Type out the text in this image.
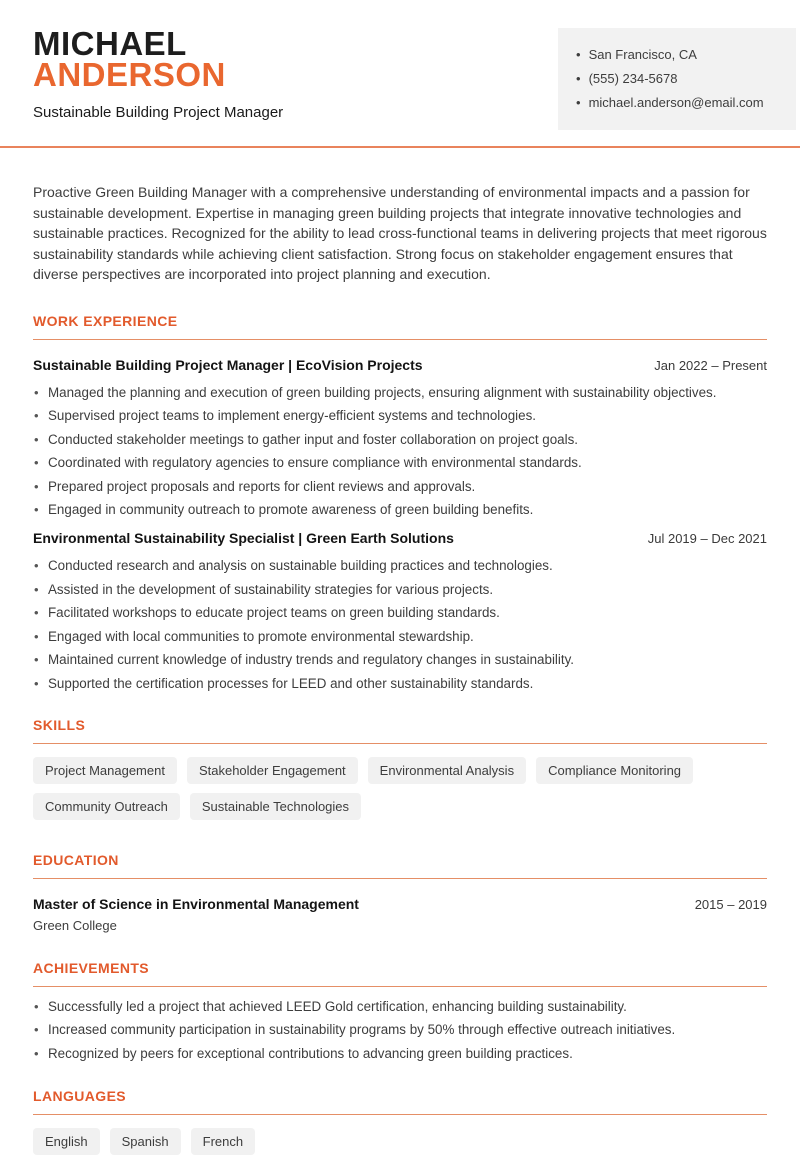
MICHAEL
ANDERSON
Sustainable Building Project Manager
• San Francisco, CA
• (555) 234-5678
• michael.anderson@email.com

Proactive Green Building Manager with a comprehensive understanding of environmental impacts and a passion for sustainable development. Expertise in managing green building projects that integrate innovative technologies and sustainable practices. Recognized for the ability to lead cross-functional teams in delivering projects that meet rigorous sustainability standards while achieving client satisfaction. Strong focus on stakeholder engagement ensures that diverse perspectives are incorporated into project planning and execution.

WORK EXPERIENCE
Sustainable Building Project Manager | EcoVision Projects	Jan 2022 – Present
• Managed the planning and execution of green building projects, ensuring alignment with sustainability objectives.
• Supervised project teams to implement energy-efficient systems and technologies.
• Conducted stakeholder meetings to gather input and foster collaboration on project goals.
• Coordinated with regulatory agencies to ensure compliance with environmental standards.
• Prepared project proposals and reports for client reviews and approvals.
• Engaged in community outreach to promote awareness of green building benefits.
Environmental Sustainability Specialist | Green Earth Solutions	Jul 2019 – Dec 2021
• Conducted research and analysis on sustainable building practices and technologies.
• Assisted in the development of sustainability strategies for various projects.
• Facilitated workshops to educate project teams on green building standards.
• Engaged with local communities to promote environmental stewardship.
• Maintained current knowledge of industry trends and regulatory changes in sustainability.
• Supported the certification processes for LEED and other sustainability standards.
SKILLS
Project Management	Stakeholder Engagement	Environmental Analysis	Compliance Monitoring
Community Outreach	Sustainable Technologies
EDUCATION
Master of Science in Environmental Management	2015 – 2019
Green College
ACHIEVEMENTS
• Successfully led a project that achieved LEED Gold certification, enhancing building sustainability.
• Increased community participation in sustainability programs by 50% through effective outreach initiatives.
• Recognized by peers for exceptional contributions to advancing green building practices.
LANGUAGES
English	Spanish	French
